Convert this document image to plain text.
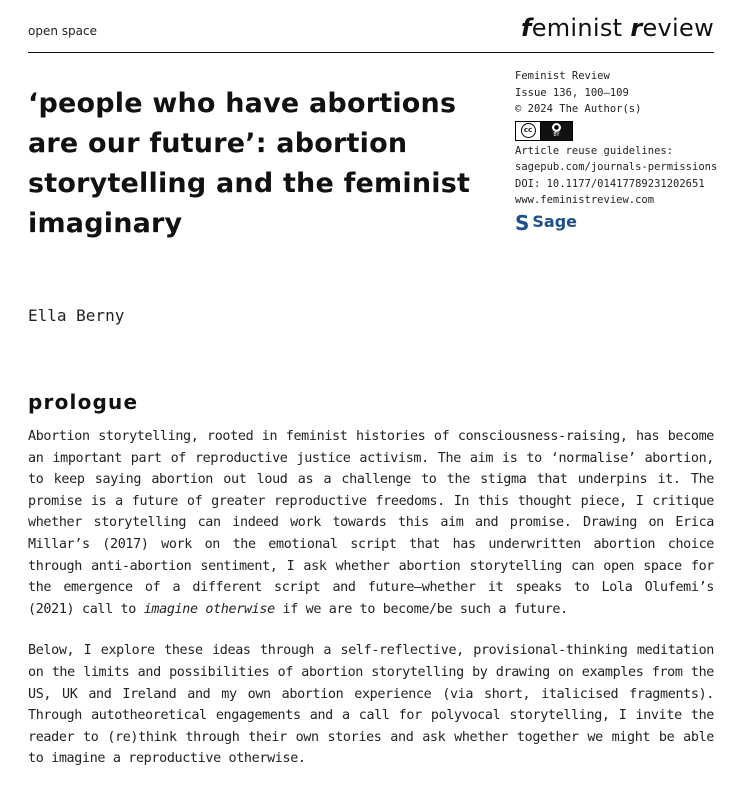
open space	feminist review
‘people who have abortions are our future’: abortion storytelling and the feminist imaginary
Feminist Review
Issue 136, 100–109
© 2024 The Author(s)
cc	●
BY
Article reuse guidelines:
sagepub.com/journals-permissions
DOI: 10.1177/01417789231202651
www.feministreview.com
S Sage
Ella Berny
prologue

Abortion storytelling, rooted in feminist histories of consciousness-raising, has become an important part of reproductive justice activism. The aim is to ‘normalise’ abortion, to keep saying abortion out loud as a challenge to the stigma that underpins it. The promise is a future of greater reproductive freedoms. In this thought piece, I critique whether storytelling can indeed work towards this aim and promise. Drawing on Erica Millar’s (2017) work on the emotional script that has underwritten abortion choice through anti-abortion sentiment, I ask whether abortion storytelling can open space for the emergence of a different script and future—whether it speaks to Lola Olufemi’s (2021) call to imagine otherwise if we are to become/be such a future.

Below, I explore these ideas through a self-reflective, provisional-thinking meditation on the limits and possibilities of abortion storytelling by drawing on examples from the US, UK and Ireland and my own abortion experience (via short, italicised fragments). Through autotheoretical engagements and a call for polyvocal storytelling, I invite the reader to (re)think through their own stories and ask whether together we might be able to imagine a reproductive otherwise.
